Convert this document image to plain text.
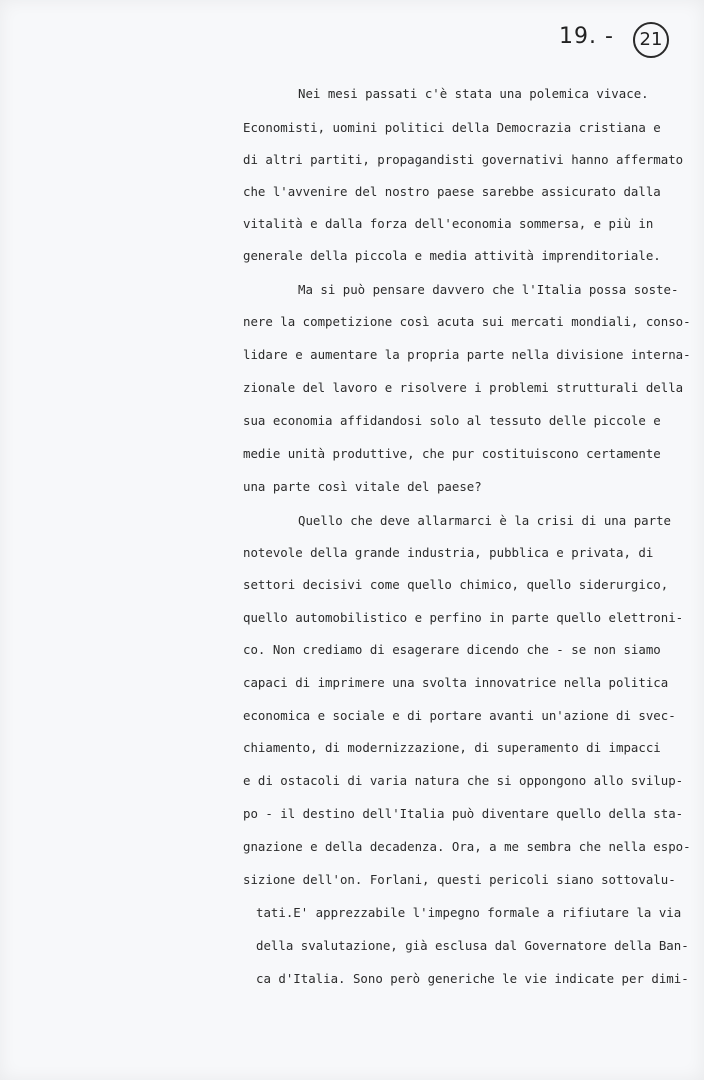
19. -	21
Nei mesi passati c'è stata una polemica vivace.
Economisti, uomini politici della Democrazia cristiana e
di altri partiti, propagandisti governativi hanno affermato
che l'avvenire del nostro paese sarebbe assicurato dalla
vitalità e dalla forza dell'economia sommersa, e più in
generale della piccola e media attività imprenditoriale.
Ma si può pensare davvero che l'Italia possa soste-
nere la competizione così acuta sui mercati mondiali, conso-
lidare e aumentare la propria parte nella divisione interna-
zionale del lavoro e risolvere i problemi strutturali della
sua economia affidandosi solo al tessuto delle piccole e
medie unità produttive, che pur costituiscono certamente
una parte così vitale del paese?
Quello che deve allarmarci è la crisi di una parte
notevole della grande industria, pubblica e privata, di
settori decisivi come quello chimico, quello siderurgico,
quello automobilistico e perfino in parte quello elettroni-
co. Non crediamo di esagerare dicendo che - se non siamo
capaci di imprimere una svolta innovatrice nella politica
economica e sociale e di portare avanti un'azione di svec-
chiamento, di modernizzazione, di superamento di impacci
e di ostacoli di varia natura che si oppongono allo svilup-
po - il destino dell'Italia può diventare quello della sta-
gnazione e della decadenza. Ora, a me sembra che nella espo-
sizione dell'on. Forlani, questi pericoli siano sottovalu-
tati.E' apprezzabile l'impegno formale a rifiutare la via
della svalutazione, già esclusa dal Governatore della Ban-
ca d'Italia. Sono però generiche le vie indicate per dimi-
